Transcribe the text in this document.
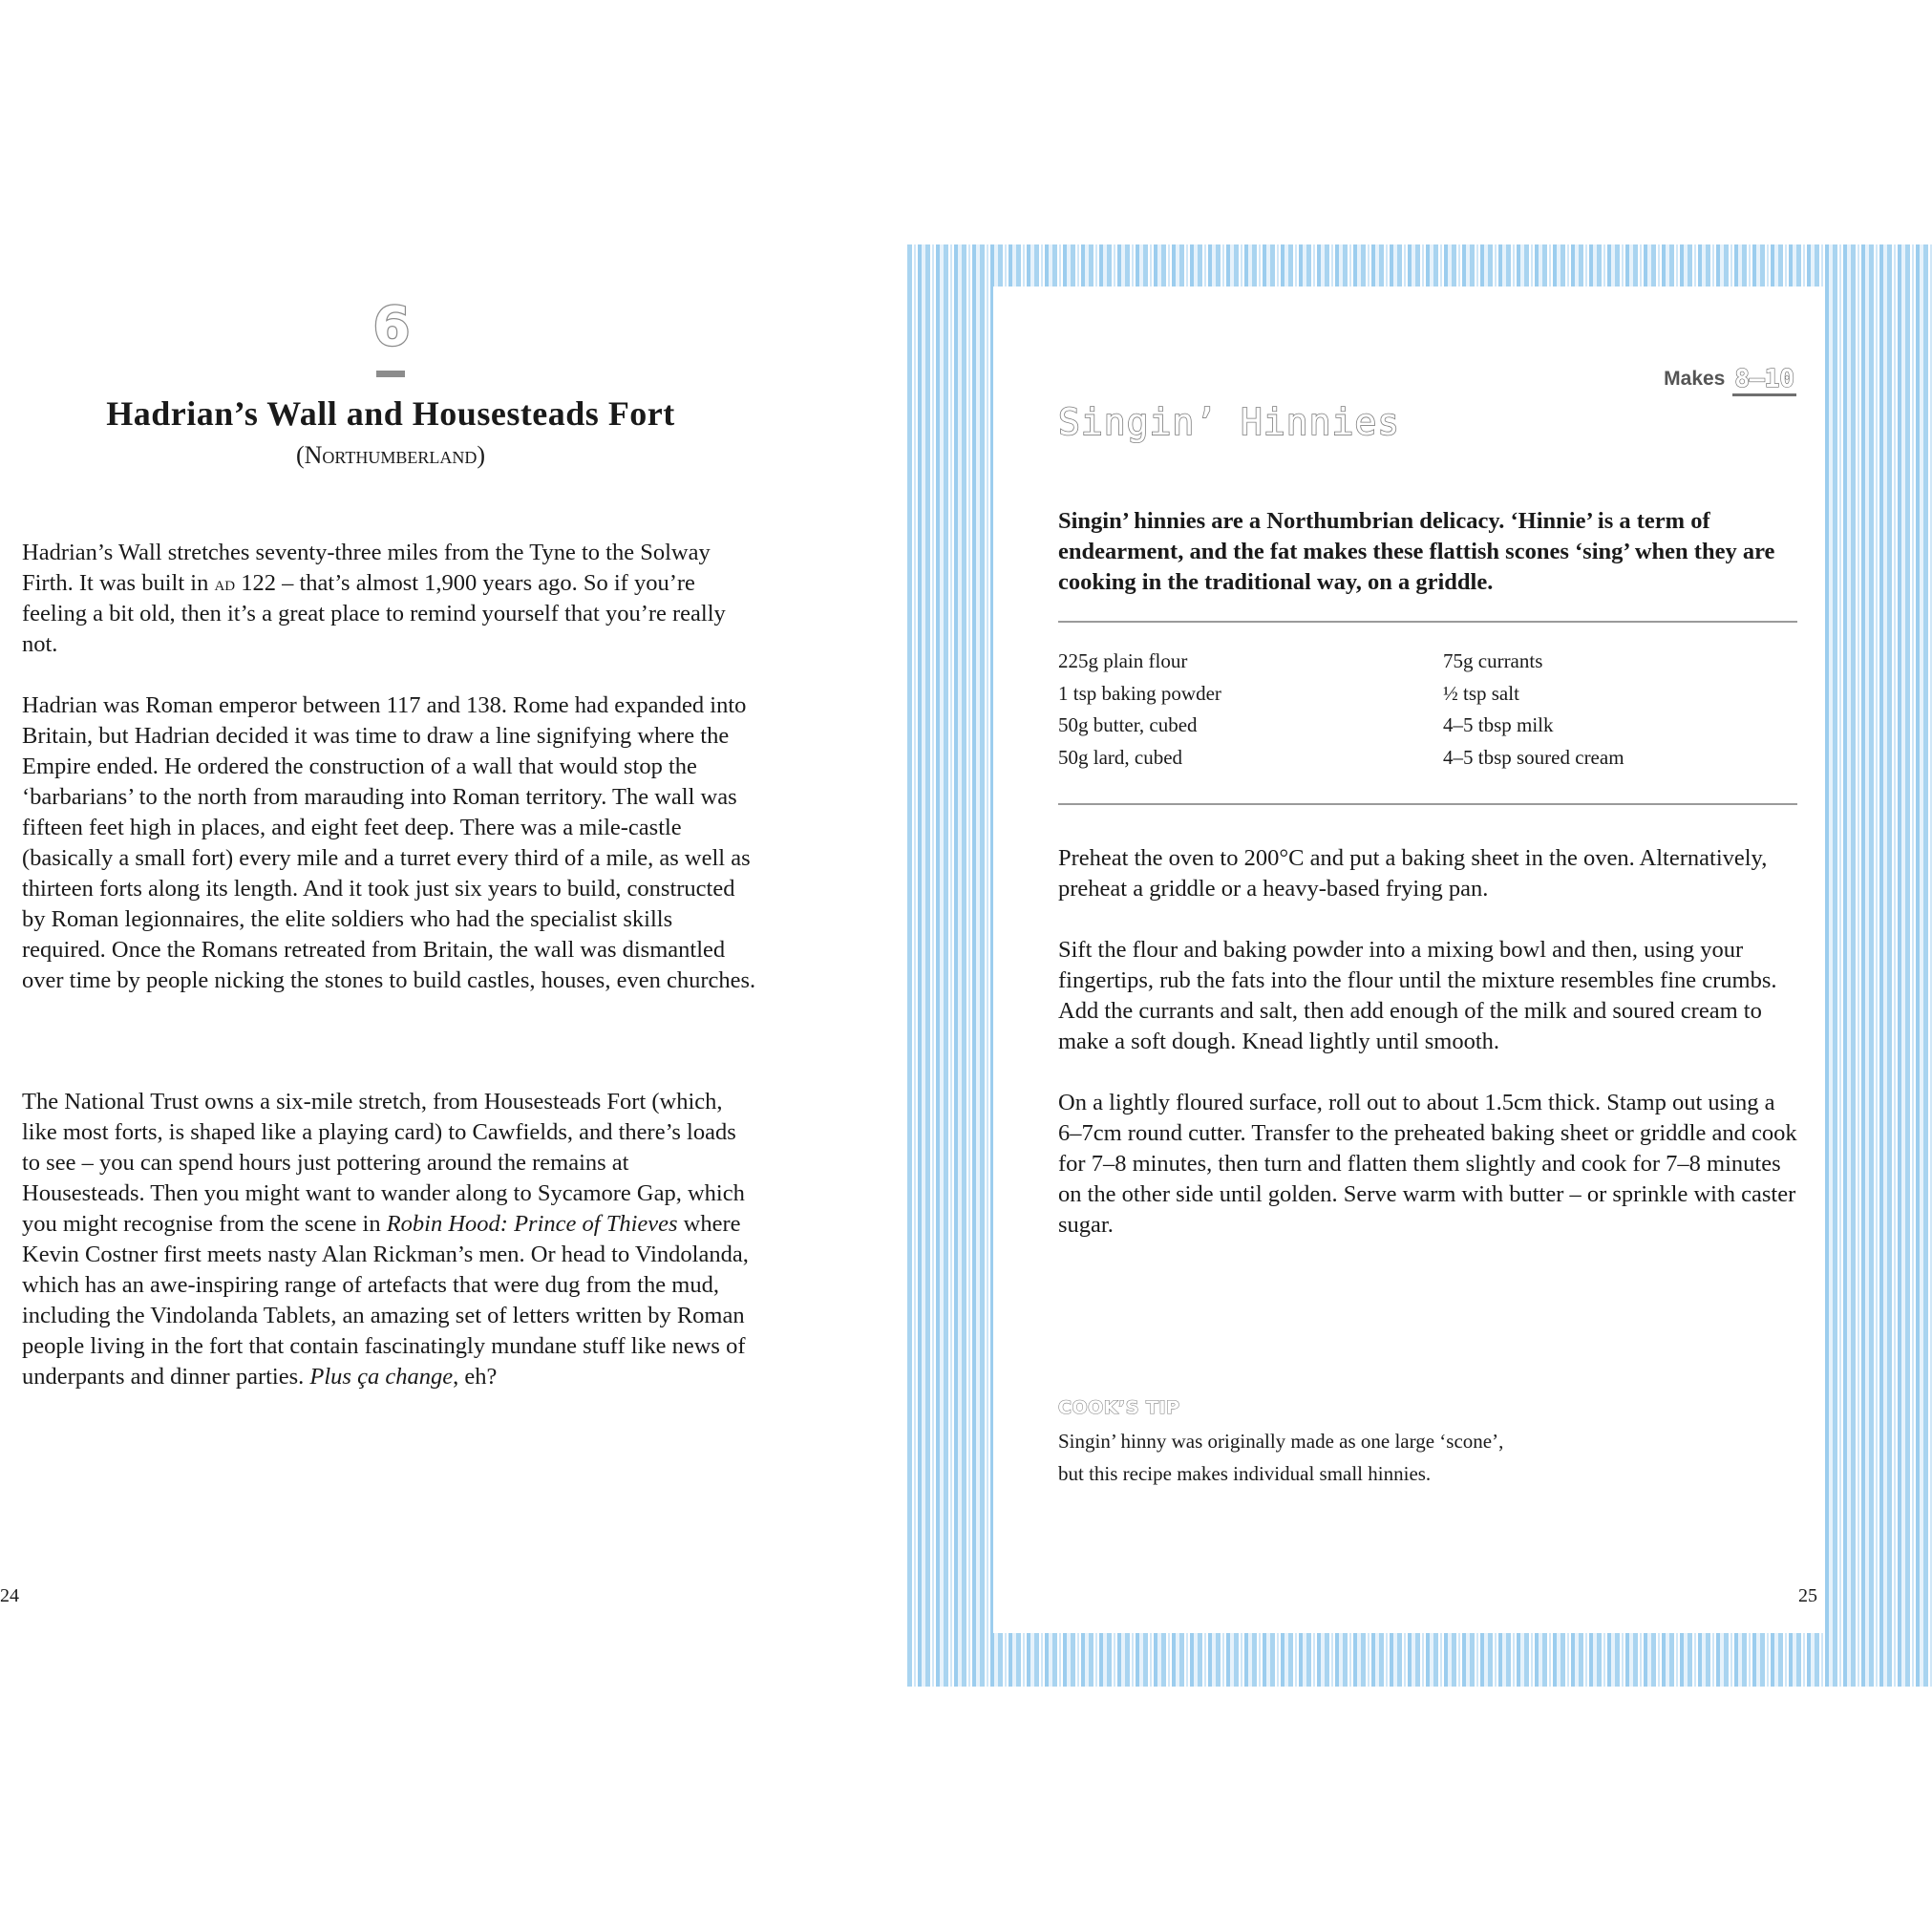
6
Hadrian’s Wall and Housesteads Fort
(Northumberland)

Hadrian’s Wall stretches seventy-three miles from the Tyne to the Solway Firth. It was built in ad 122 – that’s almost 1,900 years ago. So if you’re feeling a bit old, then it’s a great place to remind yourself that you’re really not.

Hadrian was Roman emperor between 117 and 138. Rome had expanded into Britain, but Hadrian decided it was time to draw a line signifying where the Empire ended. He ordered the construction of a wall that would stop the ‘barbarians’ to the north from marauding into Roman territory. The wall was fifteen feet high in places, and eight feet deep. There was a mile-castle (basically a small fort) every mile and a turret every third of a mile, as well as thirteen forts along its length. And it took just six years to build, constructed by Roman legionnaires, the elite soldiers who had the specialist skills required. Once the Romans retreated from Britain, the wall was dismantled over time by people nicking the stones to build castles, houses, even churches.

The National Trust owns a six-mile stretch, from Housesteads Fort (which, like most forts, is shaped like a playing card) to Cawfields, and there’s loads to see – you can spend hours just pottering around the remains at Housesteads. Then you might want to wander along to Sycamore Gap, which you might recognise from the scene in Robin Hood: Prince of Thieves where Kevin Costner first meets nasty Alan Rickman’s men. Or head to Vindolanda, which has an awe-inspiring range of artefacts that were dug from the mud, including the Vindolanda Tablets, an amazing set of letters written by Roman people living in the fort that contain fascinatingly mundane stuff like news of underpants and dinner parties. Plus ça change, eh?

24
Makes 8–10
Singin’ Hinnies

Singin’ hinnies are a Northumbrian delicacy. ‘Hinnie’ is a term of endearment, and the fat makes these flattish scones ‘sing’ when they are cooking in the traditional way, on a griddle.

225g plain flour
1 tsp baking powder
50g butter, cubed
50g lard, cubed
75g currants
½ tsp salt
4–5 tbsp milk
4–5 tbsp soured cream

Preheat the oven to 200°C and put a baking sheet in the oven. Alternatively, preheat a griddle or a heavy-based frying pan.

Sift the flour and baking powder into a mixing bowl and then, using your fingertips, rub the fats into the flour until the mixture resembles fine crumbs. Add the currants and salt, then add enough of the milk and soured cream to make a soft dough. Knead lightly until smooth.

On a lightly floured surface, roll out to about 1.5cm thick. Stamp out using a 6–7cm round cutter. Transfer to the preheated baking sheet or griddle and cook for 7–8 minutes, then turn and flatten them slightly and cook for 7–8 minutes on the other side until golden. Serve warm with butter – or sprinkle with caster sugar.

COOK’S TIP

Singin’ hinny was originally made as one large ‘scone’, but this recipe makes individual small hinnies.

25
